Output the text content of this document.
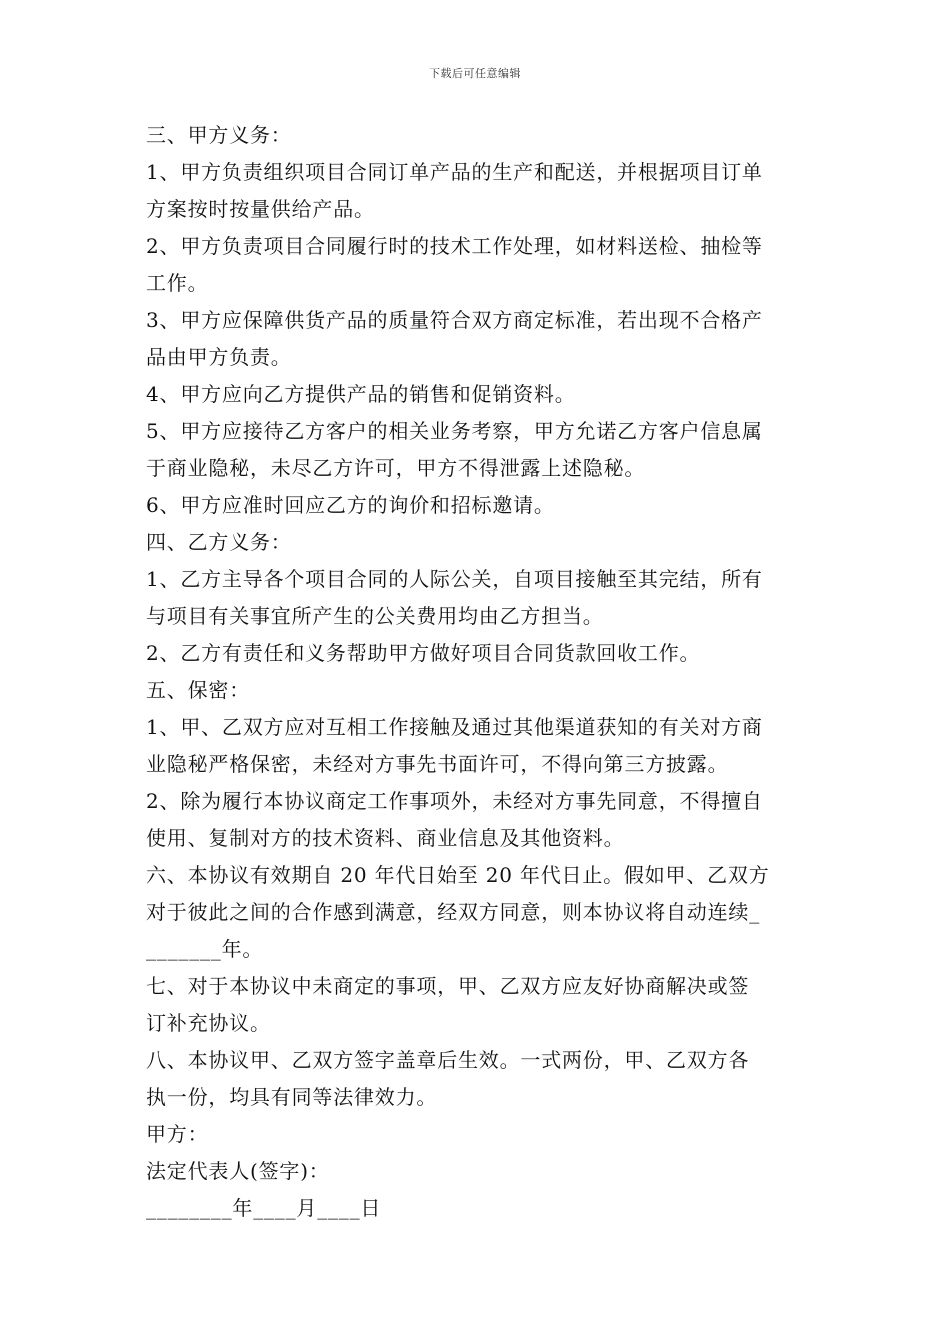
下载后可任意编辑
三、甲方义务：
1、甲方负责组织项目合同订单产品的生产和配送，并根据项目订单
方案按时按量供给产品。
2、甲方负责项目合同履行时的技术工作处理，如材料送检、抽检等
工作。
3、甲方应保障供货产品的质量符合双方商定标准，若出现不合格产
品由甲方负责。
4、甲方应向乙方提供产品的销售和促销资料。
5、甲方应接待乙方客户的相关业务考察，甲方允诺乙方客户信息属
于商业隐秘，未尽乙方许可，甲方不得泄露上述隐秘。
6、甲方应准时回应乙方的询价和招标邀请。
四、乙方义务：
1、乙方主导各个项目合同的人际公关，自项目接触至其完结，所有
与项目有关事宜所产生的公关费用均由乙方担当。
2、乙方有责任和义务帮助甲方做好项目合同货款回收工作。
五、保密：
1、甲、乙双方应对互相工作接触及通过其他渠道获知的有关对方商
业隐秘严格保密，未经对方事先书面许可，不得向第三方披露。
2、除为履行本协议商定工作事项外，未经对方事先同意，不得擅自
使用、复制对方的技术资料、商业信息及其他资料。
六、本协议有效期自 20 年代日始至 20 年代日止。假如甲、乙双方
对于彼此之间的合作感到满意，经双方同意，则本协议将自动连续_
_______年。
七、对于本协议中未商定的事项，甲、乙双方应友好协商解决或签
订补充协议。
八、本协议甲、乙双方签字盖章后生效。一式两份，甲、乙双方各
执一份，均具有同等法律效力。
甲方：
法定代表人(签字)：
________年____月____日
